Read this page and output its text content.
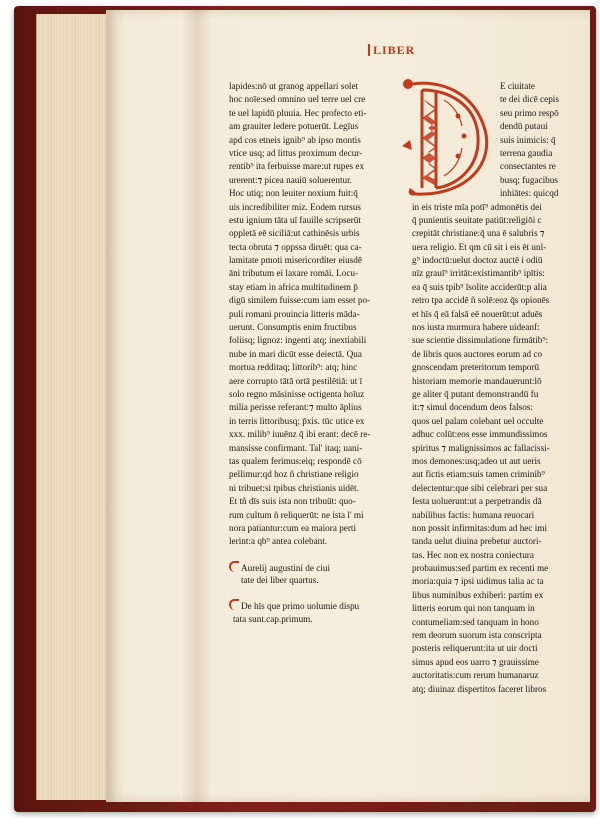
LIBER
lapides:nō ut granog appellari solet
hoc noīe:sed omnino uel terre uel cre
te uel lapidū pluuia. Hec profecto eti-
am grauiter ledere potuerūt. Legīus
apd cos etneis ignib⁹ ab ipso montis
vtice usq; ad littus proximum decur-
rentib⁹ ita ferbuisse mare:ut rupes ex
urerent:⁊ picea nauiū soluerentur.
Hoc utiq; non leuiter noxium fuit:q̄
uis incredibiliter miz. Eodem rursus
estu ignium tāta uī fauille scripserūt
oppletā eē siciliā:ut cathinēsis urbis
tecta obruta ⁊ oppssa diruēt: qua ca-
lamitate pmoti misericorditer eiusdē
āni tributum ei laxare romāi. Locu-
stay etiam in africa multitudinem p̄
digū similem fuisse:cum iam esset po-
puli romani prouincia litteris māda-
uerunt. Consumptis enim fructibus
foliisq; lignoz: ingenti atq; inextiabili
nube in mari dicūt esse deiectā. Qua
mortua redditaq; littorib⁹: atq; hinc
aere corrupto tātā ortā pestilētiā: ut ī
solo regno māsinisse octigenta hoīuz
milia perisse referant:⁊ multo āplius
in terris littoribusq; p̄xis. tūc utice ex
xxx. milib⁹ iuuēnz q̄ ibi erant: decē re-
mansisse confirmant. Tal' itaq; uani-
tas qualem ferimus:eiq; respondē cō
pellimur:qd hoz ñ christiane religio
ni tribuet:si tpibus christianis uidēt.
Et tñ dīs suis ista non tribuūt: quo-
rum cultum ñ reliquerūt: ne ista l' mi
nora patiantur:cum ea maiora perti
lerint:a qb⁹ antea colebant.
Aurelij augustini de ciui
tate dei liber quartus.
De hīs que primo uolumie dispu
tata sunt.cap.primum.
E ciuitate
te dei dicē cepis
seu primo respō
dendū putaui
suis inimicis: q̄
terrena gaudia
consectantes re
busq; fugacibus
inhiātes: quicqd
in eis triste mīa potī⁹ admonētis dei
q̄ punientis seuitate patiūt:religiōi c
crepitāt christiane:q̄ una ē salubris ⁊
uera religio. Et qm cū sit i eis ēt unl-
g⁹ indoctū:uelut doctoz auctē i odiū
nīz grauī⁹ irritāt:existimantib⁹ ipītis:
ea q̄ suis tpib⁹ īsolite acciderūt:p alia
retro tpa accidē ñ solē:eoz q̄s opionēs
et hīs q̄ eā falsā eē nouerūt:ut aduēs
nos iusta murmura habere uideanf:
sue scientie dissimulatione firmātib⁹:
de libris quos auctores eorum ad co
gnoscendam preteritorum temporū
historiam memorie mandauerunt:lō
ge aliter q̄ putant demonstrandū fu
it:⁊ simul docendum deos falsos:
quos uel palam colebant uel occulte
adhuc colūt:eos esse immundissimos
spiritus ⁊ malignissimos ac fallacissi-
mos demones:usq;adeo ut aut ueris
aut fictis etiam:suis tamen criminib⁹
delectentur:que sibi celebrari per sua
festa uoluerunt:ut a perpetrandis dā
nabilibus factis: humana reuocari
non possit infirmitas:dum ad hec imi
tanda uelut diuina prebetur auctori-
tas. Hec non ex nostra coniectura
probauimus:sed partim ex recenti me
moria:quia ⁊ ipsi uidimus talia ac ta
libus numinibus exhiberi: partim ex
litteris eorum qui non tanquam in
contumeliam:sed tanquam in hono
rem deorum suorum ista conscripta
posteris reliquerunt:ita ut uir docti
simus apud eos uarro ⁊ grauissime
auctoritatis:cum rerum humanaruz
atq; diuinaz dispertitos faceret libros
